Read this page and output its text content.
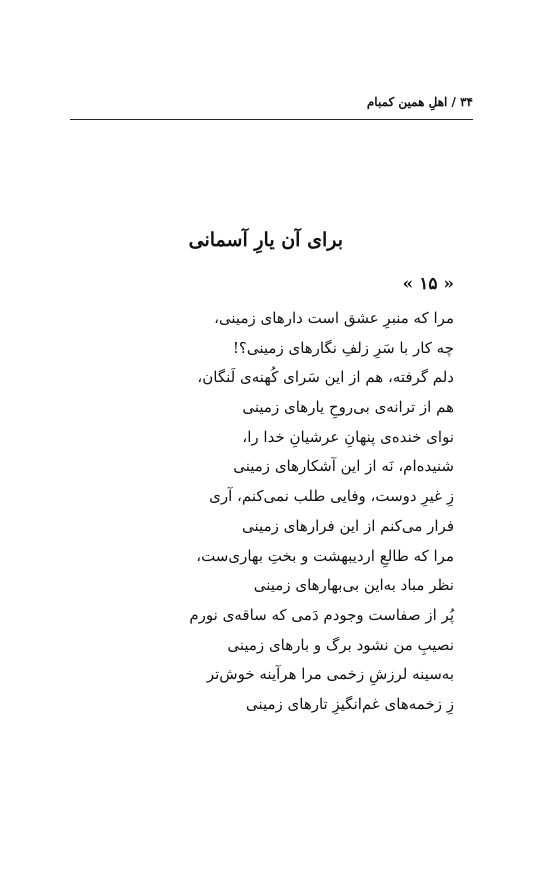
۳۴ / اهلِ همین کمبام
برای آن یارِ آسمانی
« ۱۵ »
مرا که منبرِ عشق است دارهای زمینی،
چه کار با سَرِ زلفِ نگارهای زمینی؟!
دلم گرفته، هم از این سَرای کُهنه‌ی لَنگان،
هم از ترانه‌ی بی‌روحِ یارهای زمینی
نوای خنده‌ی پنهانِ عرشیانِ خدا را،
شنیده‌ام، نَه از این آشکارهای زمینی
زِ غیرِ دوست، وفایی طلب نمی‌کنم، آری
فرار می‌کنم از این فرارهای زمینی
مرا که طالعِ اردیبهشت و بختِ بهاری‌ست،
نظر مباد به‌این بی‌بهارهای زمینی
پُر از صفاست وجودم دَمی که ساقه‌ی نورم
نصیبِ من نشود برگ و بارهای زمینی
به‌سینه لرزشِ زخمی مرا هرآینه خوش‌تر
زِ زخمه‌های غم‌انگیزِ تارهای زمینی
